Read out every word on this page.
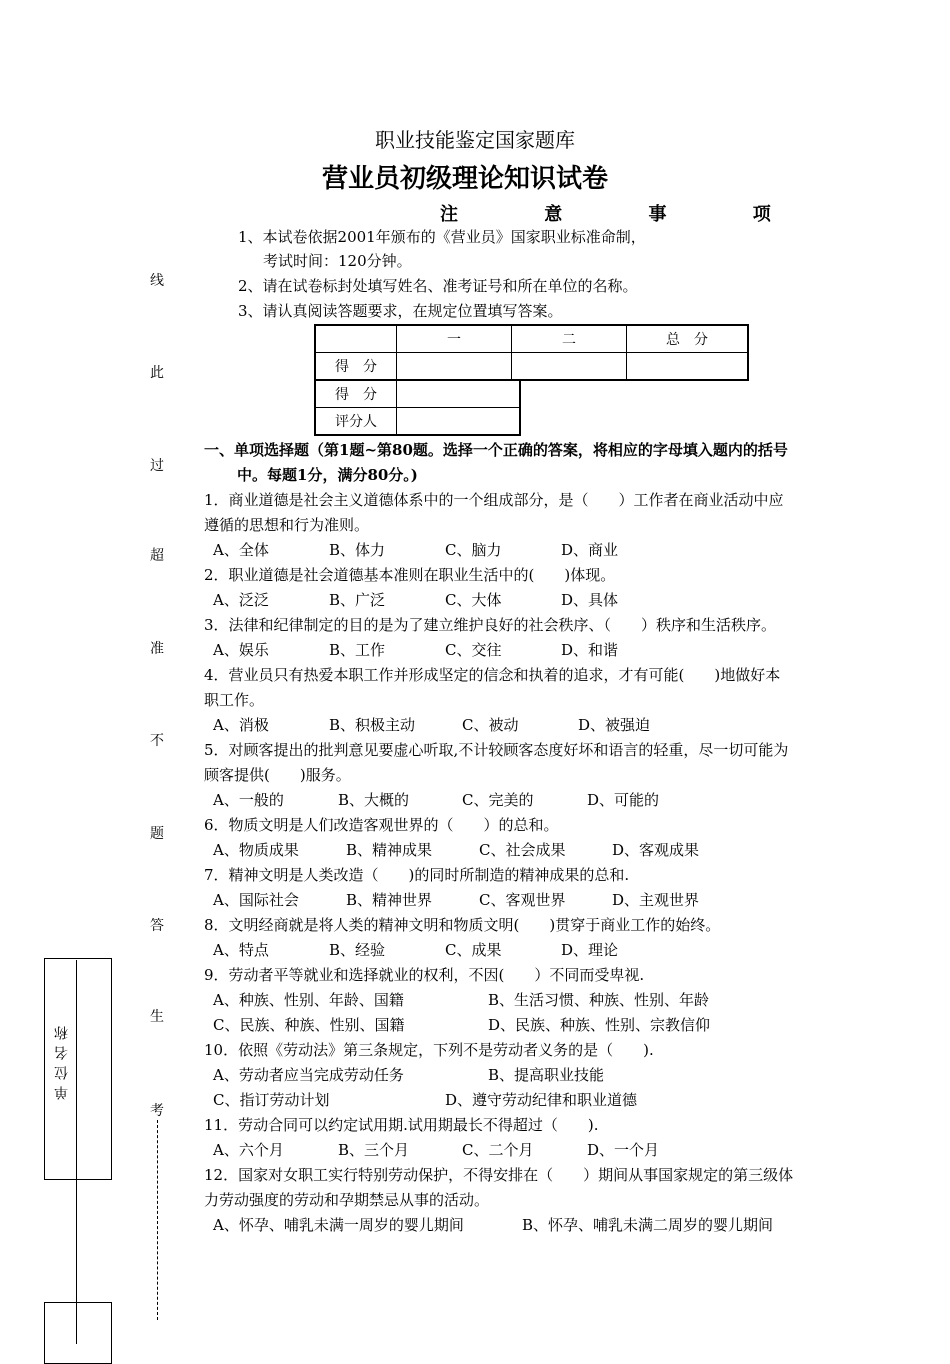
职业技能鉴定国家题库
营业员初级理论知识试卷
注 意 事 项
1、本试卷依据2001年颁布的《营业员》国家职业标准命制，
考试时间：120分钟。
2、请在试卷标封处填写姓名、准考证号和所在单位的名称。
3、请认真阅读答题要求，在规定位置填写答案。
	一	二	总　分
得　分			
得　分	
评分人	
线
此
过
超
准
不
题
答
生
考
单位名称
一、单项选择题（第1题~第80题。选择一个正确的答案，将相应的字母填入题内的括号
中。每题1分，满分80分。)
1．商业道德是社会主义道德体系中的一个组成部分，是（　　）工作者在商业活动中应
遵循的思想和行为准则。
A、全体	B、体力	C、脑力	D、商业
2．职业道德是社会道德基本准则在职业生活中的(　　)体现。
A、泛泛	B、广泛	C、大体	D、具体
3．法律和纪律制定的目的是为了建立维护良好的社会秩序、（　　）秩序和生活秩序。
A、娱乐	B、工作	C、交往	D、和谐
4．营业员只有热爱本职工作并形成坚定的信念和执着的追求，才有可能(　　)地做好本
职工作。
A、消极	B、积极主动	C、被动	D、被强迫
5．对顾客提出的批判意见要虚心听取,不计较顾客态度好坏和语言的轻重，尽一切可能为
顾客提供(　　)服务。
A、一般的	B、大概的	C、完美的	D、可能的
6．物质文明是人们改造客观世界的（　　）的总和。
A、物质成果	B、精神成果	C、社会成果	D、客观成果
7．精神文明是人类改造（　　)的同时所制造的精神成果的总和.
A、国际社会	B、精神世界	C、客观世界	D、主观世界
8．文明经商就是将人类的精神文明和物质文明(　　)贯穿于商业工作的始终。
A、特点	B、经验	C、成果	D、理论
9．劳动者平等就业和选择就业的权利，不因(　　）不同而受卑视.
A、种族、性别、年龄、国籍	B、生活习惯、种族、性别、年龄
C、民族、种族、性别、国籍	D、民族、种族、性别、宗教信仰
10．依照《劳动法》第三条规定，下列不是劳动者义务的是（　　).
A、劳动者应当完成劳动任务	B、提高职业技能
C、指订劳动计划	D、遵守劳动纪律和职业道德
11．劳动合同可以约定试用期.试用期最长不得超过（　　).
A、六个月	B、三个月	C、二个月	D、一个月
12．国家对女职工实行特别劳动保护，不得安排在（　　）期间从事国家规定的第三级体
力劳动强度的劳动和孕期禁忌从事的活动。
A、怀孕、哺乳未满一周岁的婴儿期间	B、怀孕、哺乳未满二周岁的婴儿期间
